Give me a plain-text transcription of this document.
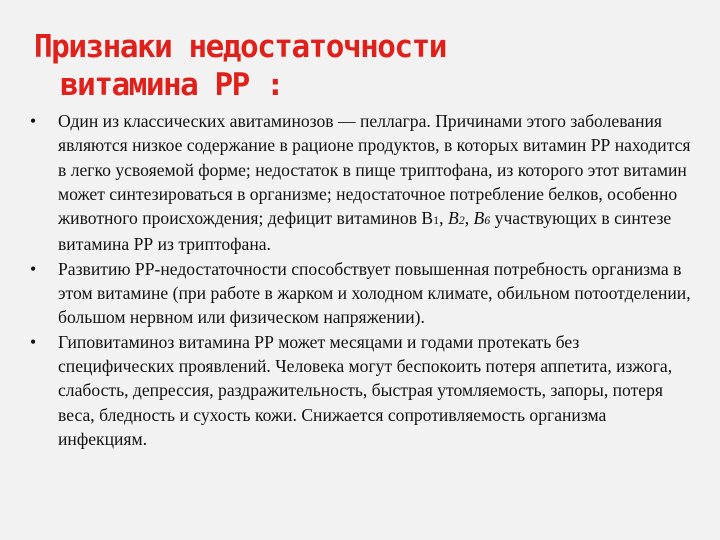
Признаки недостаточности
витамина РР :
•	Один из классических авитаминозов — пеллагра. Причинами этого заболевания являются низкое содержание в рационе продуктов, в которых витамин РР находится в легко усвояемой форме; недостаток в пище триптофана, из которого этот витамин может синтезироваться в организме; недостаточное потребление белков, особенно животного происхождения; дефицит витаминов В1, В2, В6 участвующих в синтезе витамина РР из триптофана.
•	Развитию РР-недостаточности способствует повышенная потребность организма в этом витамине (при работе в жарком и холодном климате, обильном потоотделении, большом нервном или физическом напряжении).
•	Гиповитаминоз витамина РР может месяцами и годами протекать без специфических проявлений. Человека могут беспокоить потеря аппетита, изжога, слабость, депрессия, раздражительность, быстрая утомляемость, запоры, потеря веса, бледность и сухость кожи. Снижается сопротивляемость организма инфекциям.
